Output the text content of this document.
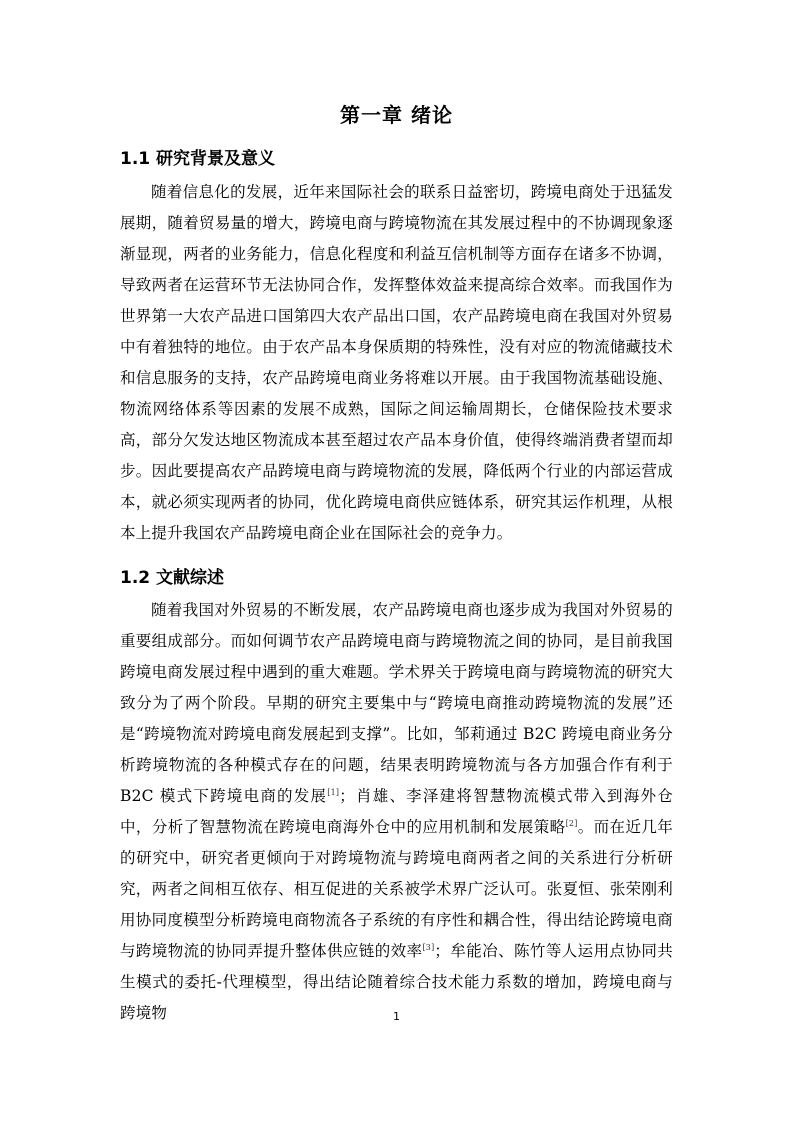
第一章 绪论
1.1 研究背景及意义

随着信息化的发展，近年来国际社会的联系日益密切，跨境电商处于迅猛发展期，随着贸易量的增大，跨境电商与跨境物流在其发展过程中的不协调现象逐渐显现，两者的业务能力，信息化程度和利益互信机制等方面存在诸多不协调，导致两者在运营环节无法协同合作，发挥整体效益来提高综合效率。而我国作为世界第一大农产品进口国第四大农产品出口国，农产品跨境电商在我国对外贸易中有着独特的地位。由于农产品本身保质期的特殊性，没有对应的物流储藏技术和信息服务的支持，农产品跨境电商业务将难以开展。由于我国物流基础设施、物流网络体系等因素的发展不成熟，国际之间运输周期长，仓储保险技术要求高，部分欠发达地区物流成本甚至超过农产品本身价值，使得终端消费者望而却步。因此要提高农产品跨境电商与跨境物流的发展，降低两个行业的内部运营成本，就必须实现两者的协同，优化跨境电商供应链体系，研究其运作机理，从根本上提升我国农产品跨境电商企业在国际社会的竞争力。

1.2 文献综述

随着我国对外贸易的不断发展，农产品跨境电商也逐步成为我国对外贸易的重要组成部分。而如何调节农产品跨境电商与跨境物流之间的协同，是目前我国跨境电商发展过程中遇到的重大难题。学术界关于跨境电商与跨境物流的研究大致分为了两个阶段。早期的研究主要集中与“跨境电商推动跨境物流的发展”还是“跨境物流对跨境电商发展起到支撑”。比如，邹莉通过 B2C 跨境电商业务分析跨境物流的各种模式存在的问题，结果表明跨境物流与各方加强合作有利于B2C 模式下跨境电商的发展[1]；肖雄、李泽建将智慧物流模式带入到海外仓中，分析了智慧物流在跨境电商海外仓中的应用机制和发展策略[2]。而在近几年的研究中，研究者更倾向于对跨境物流与跨境电商两者之间的关系进行分析研究，两者之间相互依存、相互促进的关系被学术界广泛认可。张夏恒、张荣刚利用协同度模型分析跨境电商物流各子系统的有序性和耦合性，得出结论跨境电商与跨境物流的协同弄提升整体供应链的效率[3]；牟能冶、陈竹等人运用点协同共生模式的委托-代理模型，得出结论随着综合技术能力系数的增加，跨境电商与跨境物	1
